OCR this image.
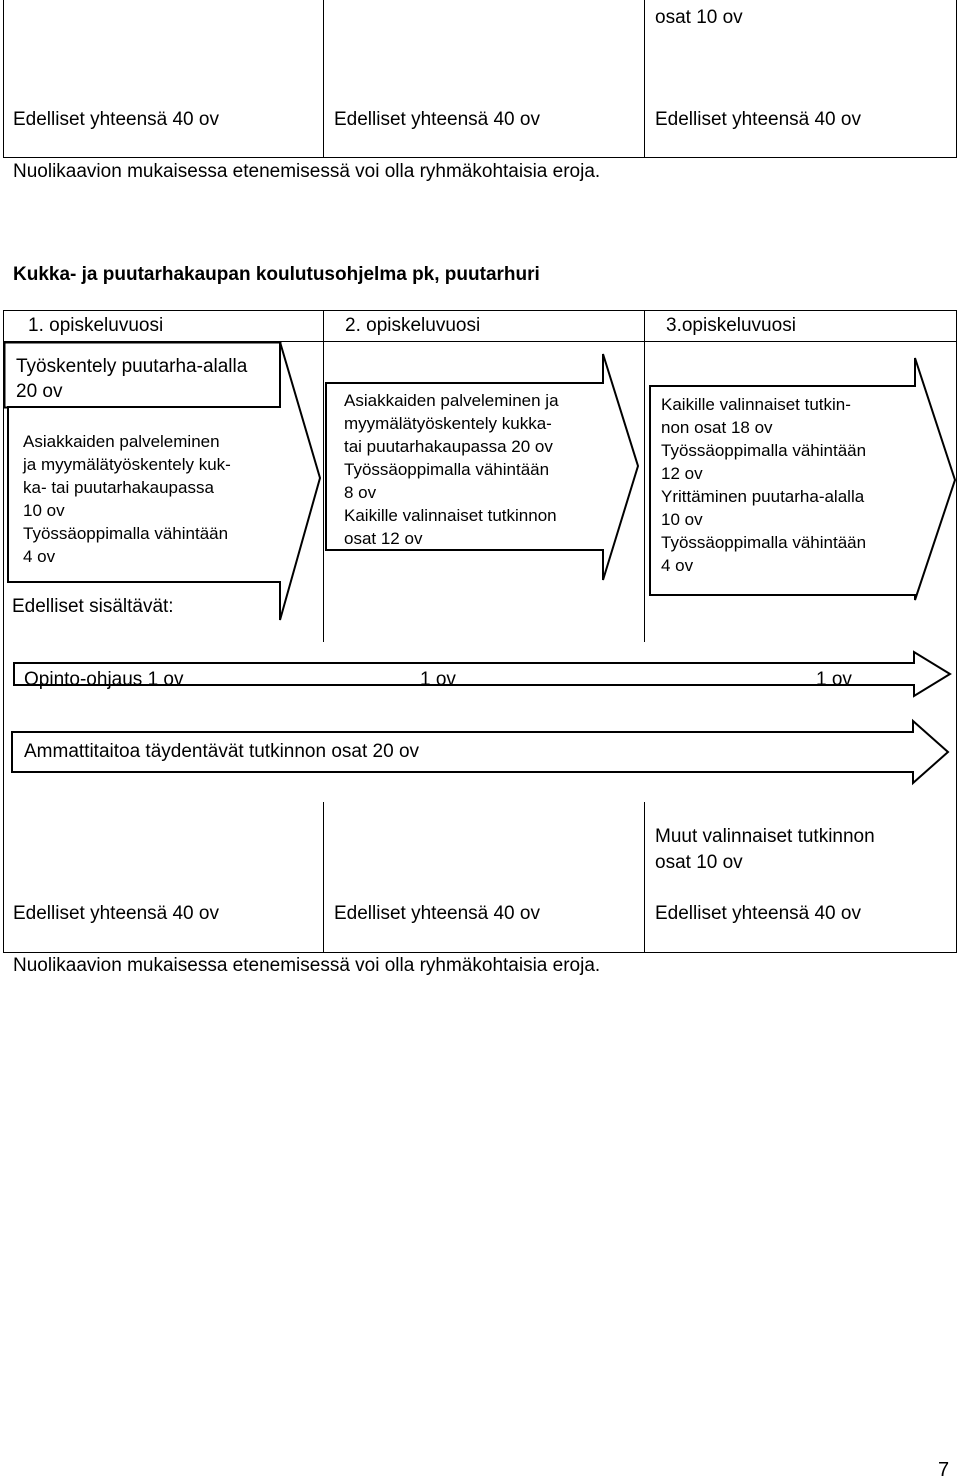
osat 10 ov
Edelliset yhteensä 40 ov	Edelliset yhteensä 40 ov	Edelliset yhteensä 40 ov
Nuolikaavion mukaisessa etenemisessä voi olla ryhmäkohtaisia eroja.
Kukka- ja puutarhakaupan koulutusohjelma pk, puutarhuri
1. opiskeluvuosi	2. opiskeluvuosi	3.opiskeluvuosi
Työskentely puutarha-alalla
20 ov
Asiakkaiden palveleminen
ja myymälätyöskentely kuk-
ka- tai puutarhakaupassa
10 ov
Työssäoppimalla vähintään
4 ov
Edelliset sisältävät:
Asiakkaiden palveleminen ja
myymälätyöskentely kukka-
tai puutarhakaupassa 20 ov
Työssäoppimalla vähintään
8 ov
Kaikille valinnaiset tutkinnon
osat 12 ov
Kaikille valinnaiset tutkin-
non osat 18 ov
Työssäoppimalla vähintään
12 ov
Yrittäminen puutarha-alalla
10 ov
Työssäoppimalla vähintään
4 ov
Opinto-ohjaus 1 ov	1 ov	1 ov
Ammattitaitoa täydentävät tutkinnon osat 20 ov
Muut valinnaiset tutkinnon
osat 10 ov
Edelliset yhteensä 40 ov	Edelliset yhteensä 40 ov	Edelliset yhteensä 40 ov
Nuolikaavion mukaisessa etenemisessä voi olla ryhmäkohtaisia eroja.
7
